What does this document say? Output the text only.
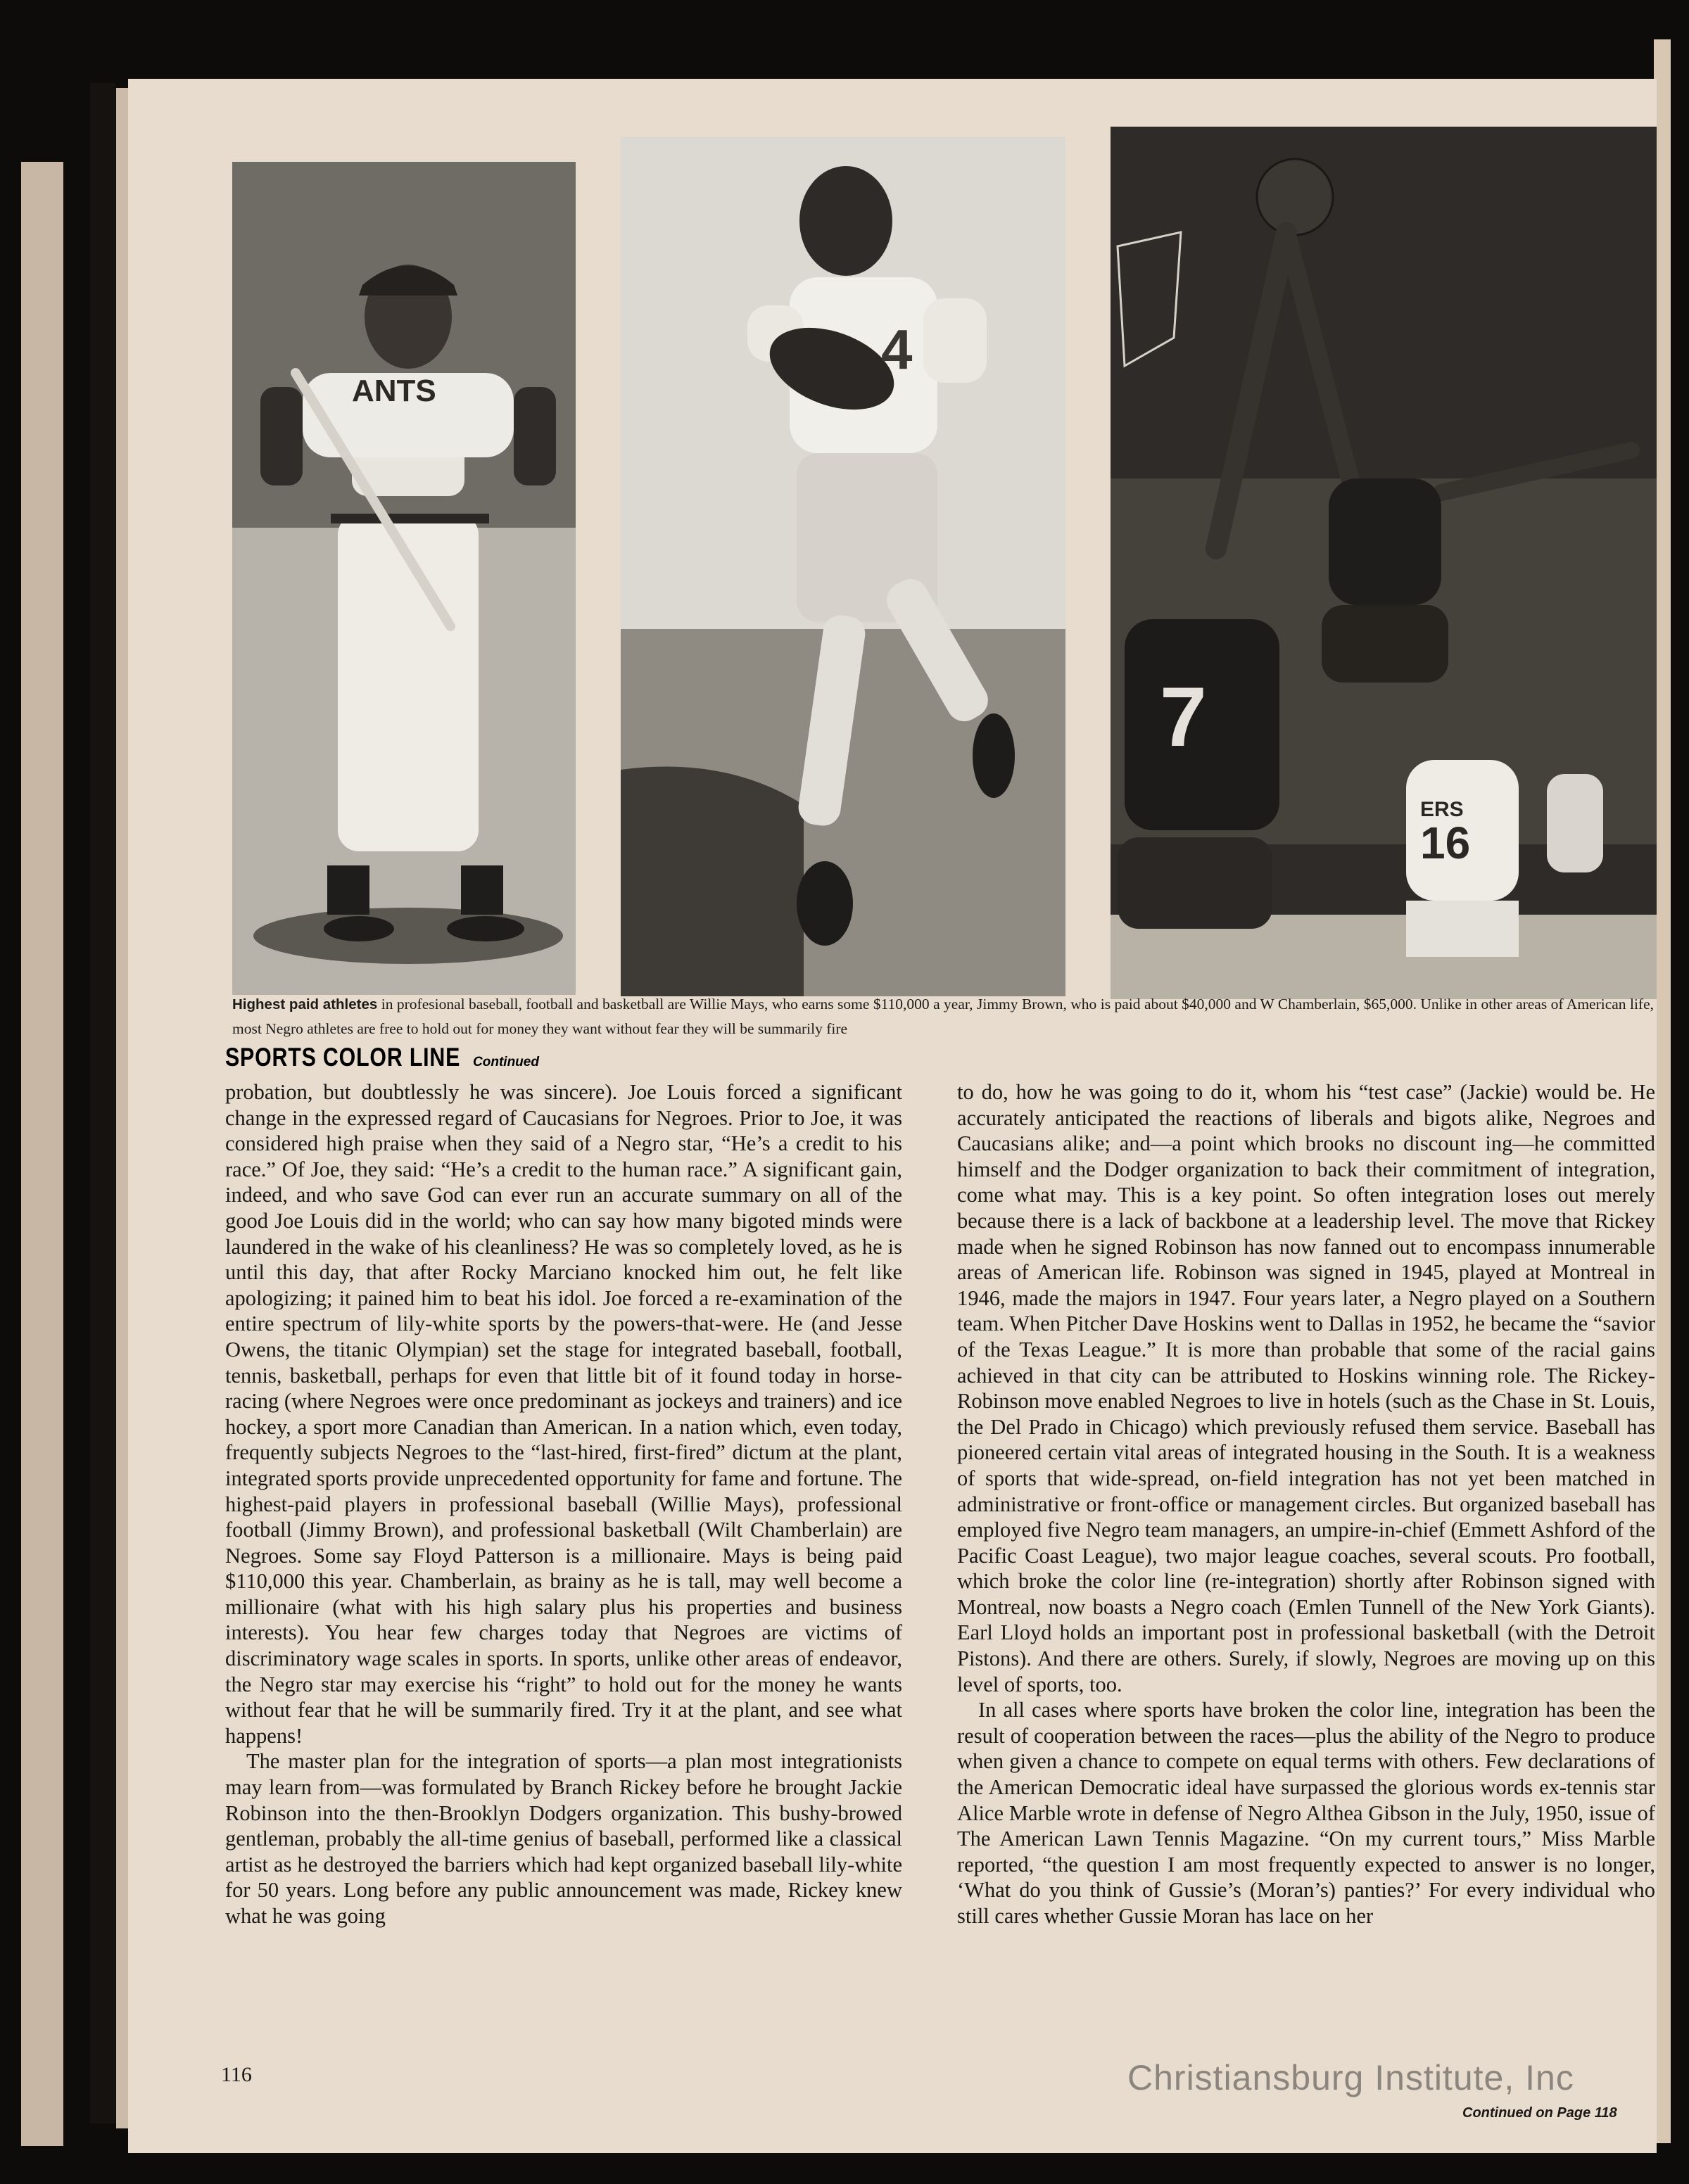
ANTS
4
7
16
ERS
Highest paid athletes in profesional baseball, football and basketball are Willie Mays, who earns some $110,000 a year, Jimmy Brown, who is paid about $40,000 and W Chamberlain, $65,000. Unlike in other areas of American life, most Negro athletes are free to hold out for money they want without fear they will be summarily fire
SPORTS COLOR LINE Continued

probation, but doubtlessly he was sincere). Joe Louis forced a significant change in the expressed regard of Caucasians for Negroes. Prior to Joe, it was considered high praise when they said of a Negro star, “He’s a credit to his race.” Of Joe, they said: “He’s a credit to the human race.” A significant gain, indeed, and who save God can ever run an accurate summary on all of the good Joe Louis did in the world; who can say how many bigoted minds were laundered in the wake of his cleanliness? He was so completely loved, as he is until this day, that after Rocky Marciano knocked him out, he felt like apologizing; it pained him to beat his idol. Joe forced a re-examination of the entire spectrum of lily-white sports by the powers-that-were. He (and Jesse Owens, the titanic Olympian) set the stage for integrated baseball, football, tennis, basketball, perhaps for even that little bit of it found today in horse-racing (where Negroes were once predominant as jockeys and trainers) and ice hockey, a sport more Canadian than American. In a nation which, even today, frequently subjects Negroes to the “last-hired, first-fired” dictum at the plant, integrated sports provide unprecedented opportunity for fame and fortune. The highest-paid players in professional baseball (Willie Mays), professional football (Jimmy Brown), and professional basketball (Wilt Chamberlain) are Negroes. Some say Floyd Patterson is a millionaire. Mays is being paid $110,000 this year. Chamberlain, as brainy as he is tall, may well become a millionaire (what with his high salary plus his properties and business interests). You hear few charges today that Negroes are victims of discriminatory wage scales in sports. In sports, unlike other areas of endeavor, the Negro star may exercise his “right” to hold out for the money he wants without fear that he will be summarily fired. Try it at the plant, and see what happens!

The master plan for the integration of sports—a plan most integrationists may learn from—was formulated by Branch Rickey before he brought Jackie Robinson into the then-Brooklyn Dodgers organization. This bushy-browed gentleman, probably the all-time genius of baseball, performed like a classical artist as he destroyed the barriers which had kept organized baseball lily-white for 50 years. Long before any public announcement was made, Rickey knew what he was going

to do, how he was going to do it, whom his “test case” (Jackie) would be. He accurately anticipated the reactions of liberals and bigots alike, Negroes and Caucasians alike; and—a point which brooks no discount ing—he committed himself and the Dodger organization to back their commitment of integration, come what may. This is a key point. So often integration loses out merely because there is a lack of backbone at a leadership level. The move that Rickey made when he signed Robinson has now fanned out to encompass innumerable areas of American life. Robinson was signed in 1945, played at Montreal in 1946, made the majors in 1947. Four years later, a Negro played on a Southern team. When Pitcher Dave Hoskins went to Dallas in 1952, he became the “savior of the Texas League.” It is more than probable that some of the racial gains achieved in that city can be attributed to Hoskins winning role. The Rickey-Robinson move enabled Negroes to live in hotels (such as the Chase in St. Louis, the Del Prado in Chicago) which previously refused them service. Baseball has pioneered certain vital areas of integrated housing in the South. It is a weakness of sports that wide-spread, on-field integration has not yet been matched in administrative or front-office or management circles. But organized baseball has employed five Negro team managers, an umpire-in-chief (Emmett Ashford of the Pacific Coast League), two major league coaches, several scouts. Pro football, which broke the color line (re-integration) shortly after Robinson signed with Montreal, now boasts a Negro coach (Emlen Tunnell of the New York Giants). Earl Lloyd holds an important post in professional basketball (with the Detroit Pistons). And there are others. Surely, if slowly, Negroes are moving up on this level of sports, too.

In all cases where sports have broken the color line, integration has been the result of cooperation between the races—plus the ability of the Negro to produce when given a chance to compete on equal terms with others. Few declarations of the American Democratic ideal have surpassed the glorious words ex-tennis star Alice Marble wrote in defense of Negro Althea Gibson in the July, 1950, issue of The American Lawn Tennis Magazine. “On my current tours,” Miss Marble reported, “the question I am most frequently expected to answer is no longer, ‘What do you think of Gussie’s (Moran’s) panties?’ For every individual who still cares whether Gussie Moran has lace on her

116	Christiansburg Institute, Inc
Continued on Page 118
